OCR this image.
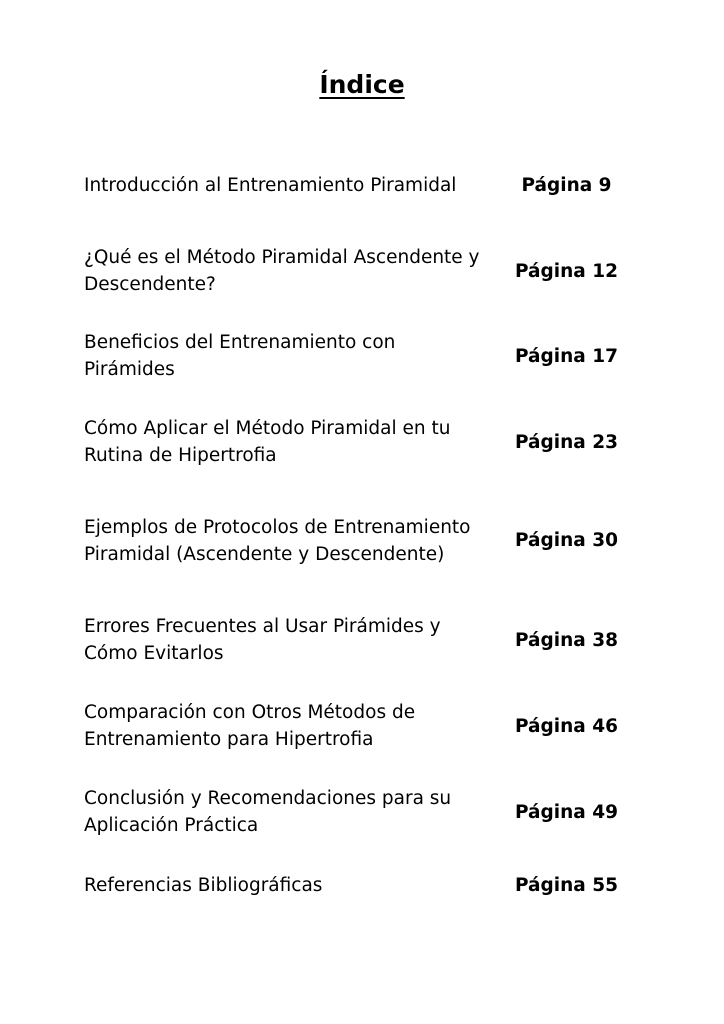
Índice
Introducción al Entrenamiento Piramidal	Página 9
¿Qué es el Método Piramidal Ascendente y Descendente?
Página 12
Beneficios del Entrenamiento con Pirámides
Página 17
Cómo Aplicar el Método Piramidal en tu Rutina de Hipertrofia
Página 23
Ejemplos de Protocolos de Entrenamiento Piramidal (Ascendente y Descendente)
Página 30
Errores Frecuentes al Usar Pirámides y Cómo Evitarlos
Página 38
Comparación con Otros Métodos de Entrenamiento para Hipertrofia
Página 46
Conclusión y Recomendaciones para su Aplicación Práctica
Página 49
Referencias Bibliográficas	Página 55
